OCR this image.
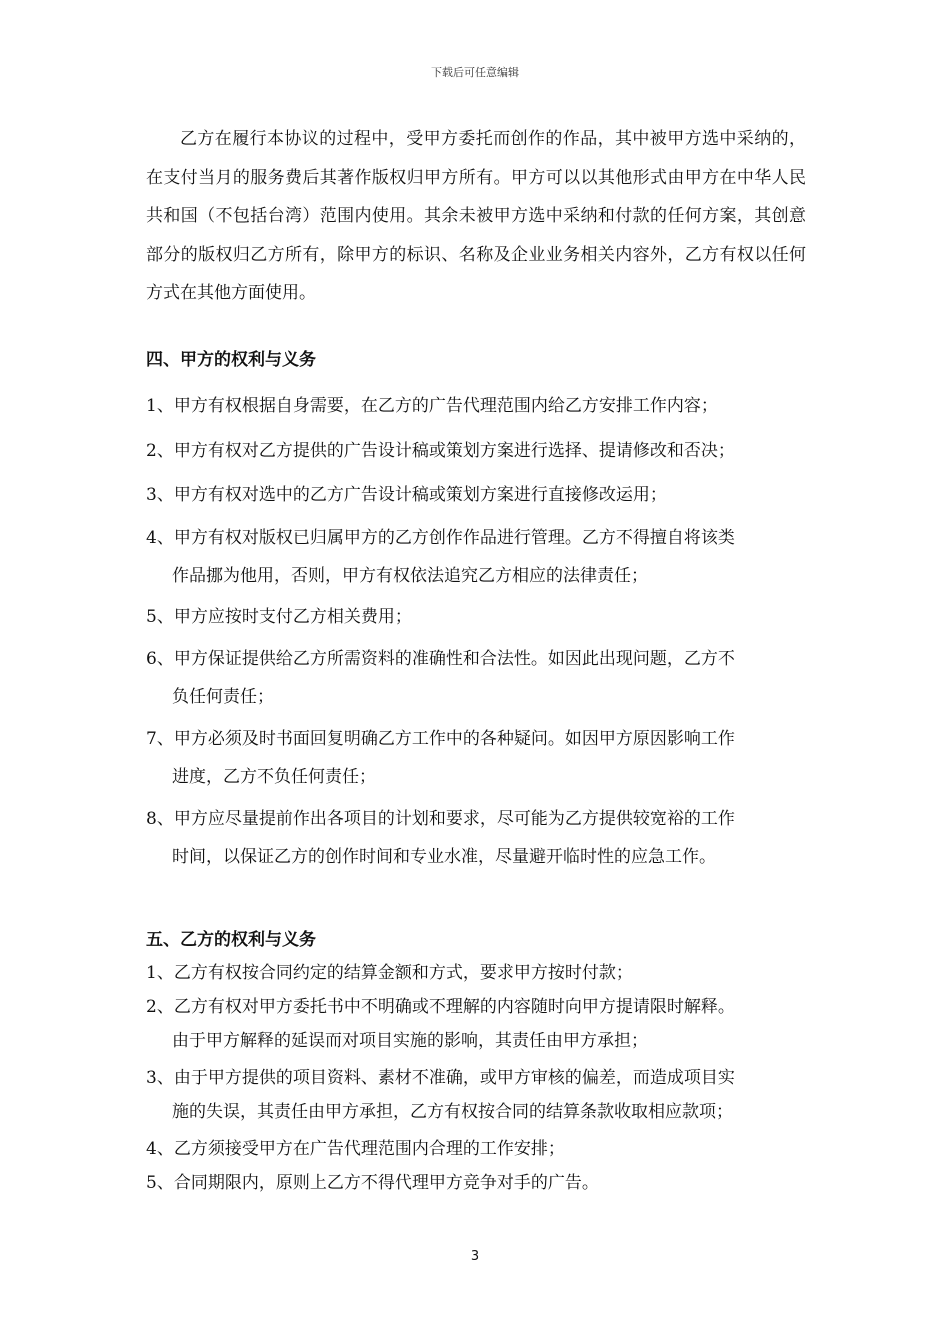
下载后可任意编辑

乙方在履行本协议的过程中，受甲方委托而创作的作品，其中被甲方选中采纳的，在支付当月的服务费后其著作版权归甲方所有。甲方可以以其他形式由甲方在中华人民共和国（不包括台湾）范围内使用。其余未被甲方选中采纳和付款的任何方案，其创意部分的版权归乙方所有，除甲方的标识、名称及企业业务相关内容外，乙方有权以任何方式在其他方面使用。

四、甲方的权利与义务

1、甲方有权根据自身需要，在乙方的广告代理范围内给乙方安排工作内容；
2、甲方有权对乙方提供的广告设计稿或策划方案进行选择、提请修改和否决；
3、甲方有权对选中的乙方广告设计稿或策划方案进行直接修改运用；
4、甲方有权对版权已归属甲方的乙方创作作品进行管理。乙方不得擅自将该类
作品挪为他用，否则，甲方有权依法追究乙方相应的法律责任；
5、甲方应按时支付乙方相关费用；
6、甲方保证提供给乙方所需资料的准确性和合法性。如因此出现问题，乙方不
负任何责任；
7、甲方必须及时书面回复明确乙方工作中的各种疑问。如因甲方原因影响工作
进度，乙方不负任何责任；
8、甲方应尽量提前作出各项目的计划和要求，尽可能为乙方提供较宽裕的工作
时间，以保证乙方的创作时间和专业水准，尽量避开临时性的应急工作。

五、乙方的权利与义务

1、乙方有权按合同约定的结算金额和方式，要求甲方按时付款；
2、乙方有权对甲方委托书中不明确或不理解的内容随时向甲方提请限时解释。
由于甲方解释的延误而对项目实施的影响，其责任由甲方承担；
3、由于甲方提供的项目资料、素材不准确，或甲方审核的偏差，而造成项目实
施的失误，其责任由甲方承担，乙方有权按合同的结算条款收取相应款项；
4、乙方须接受甲方在广告代理范围内合理的工作安排；
5、合同期限内，原则上乙方不得代理甲方竞争对手的广告。
3
